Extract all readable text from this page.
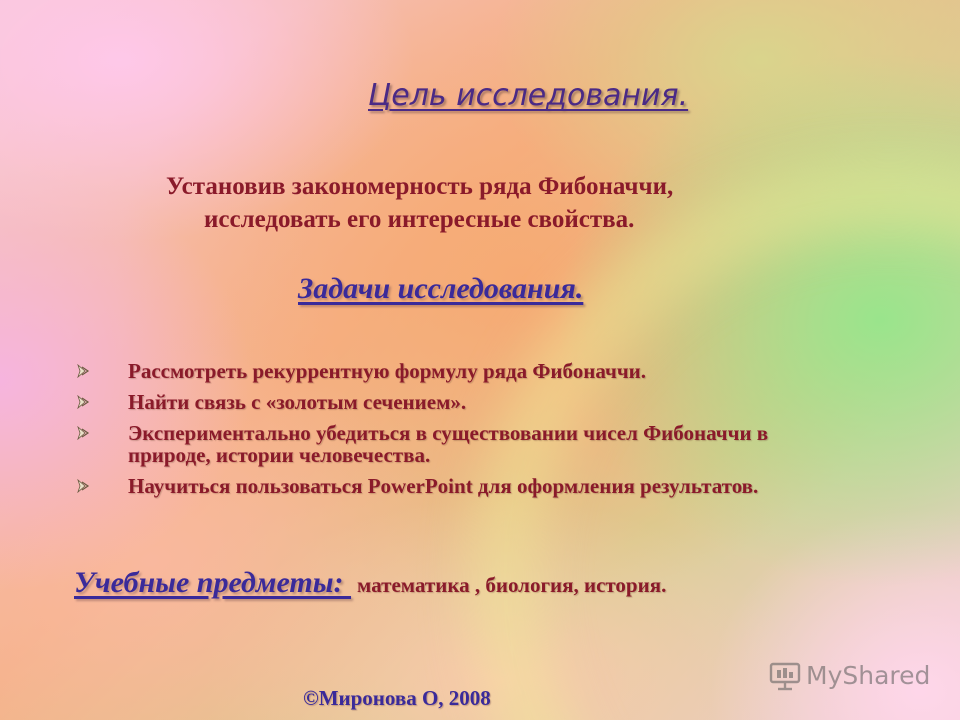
Цель исследования.

Установив закономерность ряда Фибоначчи,
исследовать его интересные свойства.

Задачи исследования.
Рассмотреть рекуррентную формулу ряда Фибоначчи.
Найти связь с «золотым сечением».
Экспериментально убедиться в существовании чисел Фибоначчи в природе, истории человечества.
Научиться пользоваться PowerPoint для оформления результатов.

Учебные предметы: математика , биология, история.

©Миронова О, 2008

MyShared
